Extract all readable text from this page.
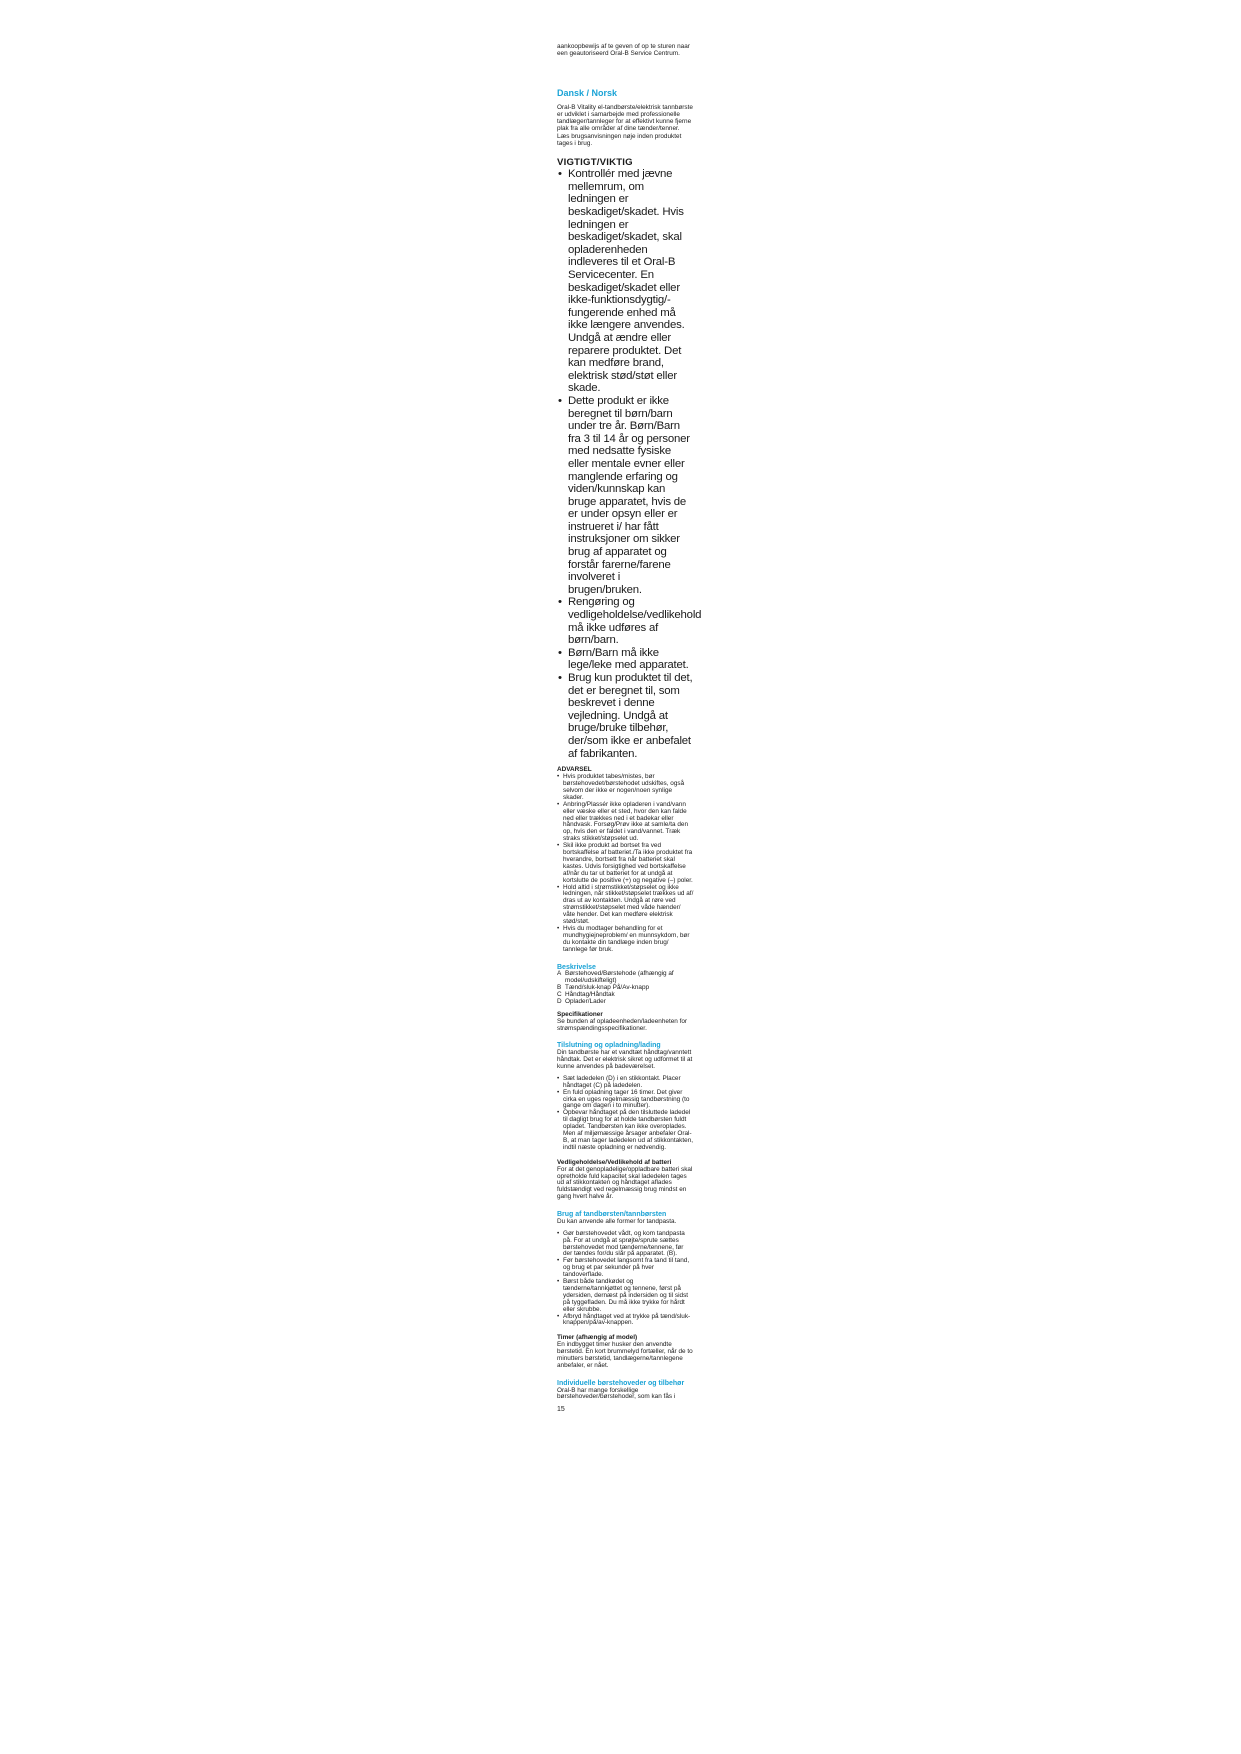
aankoopbewijs af te geven of op te sturen naar een geautoriseerd Oral-B Service Centrum.

Dansk / Norsk

Oral-B Vitality el-tandbørste/elektrisk tannbørste er udviklet i samarbejde med professionelle tandlæger/tannleger for at effektivt kunne fjerne plak fra alle områder af dine tænder/tenner.

Læs brugsanvisningen nøje inden produktet tages i brug.

VIGTIGT/VIKTIG

• Kontrollér med jævne mellemrum, om ledningen er beskadiget/skadet. Hvis ledningen er beskadiget/skadet, skal opladerenheden indleveres til et Oral-B Servicecenter. En beskadiget/skadet eller ikke-funktionsdygtig/-fungerende enhed må ikke længere anvendes. Undgå at ændre eller reparere produktet. Det kan medføre brand, elektrisk stød/støt eller skade.
• Dette produkt er ikke beregnet til børn/barn under tre år. Børn/Barn fra 3 til 14 år og personer med nedsatte fysiske eller mentale evner eller manglende erfaring og viden/kunnskap kan bruge apparatet, hvis de er under opsyn eller er instrueret i/ har fått instruksjoner om sikker brug af apparatet og forstår farerne/farene involveret i brugen/bruken.
• Rengøring og vedligeholdelse/vedlikehold må ikke udføres af børn/barn.
• Børn/Barn må ikke lege/leke med apparatet.
• Brug kun produktet til det, det er beregnet til, som beskrevet i denne vejledning. Undgå at bruge/bruke tilbehør, der/som ikke er anbefalet af fabrikanten.

ADVARSEL

• Hvis produktet tabes/mistes, bør børstehovedet/børstehodet udskiftes, også selvom der ikke er nogen/noen synlige skader.
• Anbring/Plassér ikke opladeren i vand/vann eller væske eller et sted, hvor den kan falde ned eller trækkes ned i et badekar eller håndvask. Forsøg/Prøv ikke at samle/ta den op, hvis den er faldet i vand/vannet. Træk straks stikket/støpselet ud.
• Skil ikke produkt ad bortset fra ved bortskaffelse af batteriet./Ta ikke produktet fra hverandre, bortsett fra når batteriet skal kastes. Udvis forsigtighed ved bortskaffelse af/når du tar ut batteriet for at undgå at kortslutte de positive (+) og negative (–) poler.
• Hold altid i strømstikket/støpselet og ikke ledningen, når stikket/støpselet trækkes ud af/ dras ut av kontakten. Undgå at røre ved strømstikket/støpselet med våde hænder/ våte hender. Det kan medføre elektrisk stød/støt.
• Hvis du modtager behandling for et mundhygiejneproblem/ en munnsykdom, bør du kontakte din tandlæge inden brug/ tannlege før bruk.

Beskrivelse

A Børstehoved/Børstehode (afhængig af model/udskifteligt)
B Tænd/sluk-knap På/Av-knapp
C Håndtag/Håndtak
D Oplader/Lader

Specifikationer

Se bunden af opladeenheden/ladeenheten for strømspændingsspecifikationer.

Tilslutning og opladning/lading

Din tandbørste har et vandtæt håndtag/vanntett håndtak. Det er elektrisk sikret og udformet til at kunne anvendes på badeværelset.

• Sæt ladedelen (D) i en stikkontakt. Placer håndtaget (C) på ladedelen.
• En fuld opladning tager 16 timer. Det giver cirka en uges regelmæssig tandbørstning (to gange om dagen i to minutter).
• Opbevar håndtaget på den tilsluttede ladedel til dagligt brug for at holde tandbørsten fuldt opladet. Tandbørsten kan ikke overoplades. Men af miljømæssige årsager anbefaler Oral-B, at man tager ladedelen ud af stikkontakten, indtil næste opladning er nødvendig.

Vedligeholdelse/Vedlikehold af batteri

For at det genopladelige/oppladbare batteri skal opretholde fuld kapacitet skal ladedelen tages ud af stikkontakten og håndtaget aflades fuldstændigt ved regelmæssig brug mindst en gang hvert halve år.

Brug af tandbørsten/tannbørsten

Du kan anvende alle former for tandpasta.

• Gør børstehovedet vådt, og kom tandpasta på. For at undgå at sprøjte/sprute sættes børstehovedet mod tænderne/tennene, før der tændes for/du slår på apparatet. (B).
• Før børstehovedet langsomt fra tand til tand, og brug et par sekunder på hver tandoverflade.
• Børst både tandkødet og tænderne/tannkjøttet og tennene, først på ydersiden, dernæst på indersiden og til sidst på tyggefladen. Du må ikke trykke for hårdt eller skrubbe.
• Afbryd håndtaget ved at trykke på tænd/sluk-knappen/på/av-knappen.

Timer (afhængig af model)

En indbygget timer husker den anvendte børstetid. En kort brummelyd fortæller, når de to minutters børstetid, tandlægerne/tannlegene anbefaler, er nået.

Individuelle børstehoveder og tilbehør

Oral-B har mange forskellige børstehoveder/børstehoder, som kan fås i

15
